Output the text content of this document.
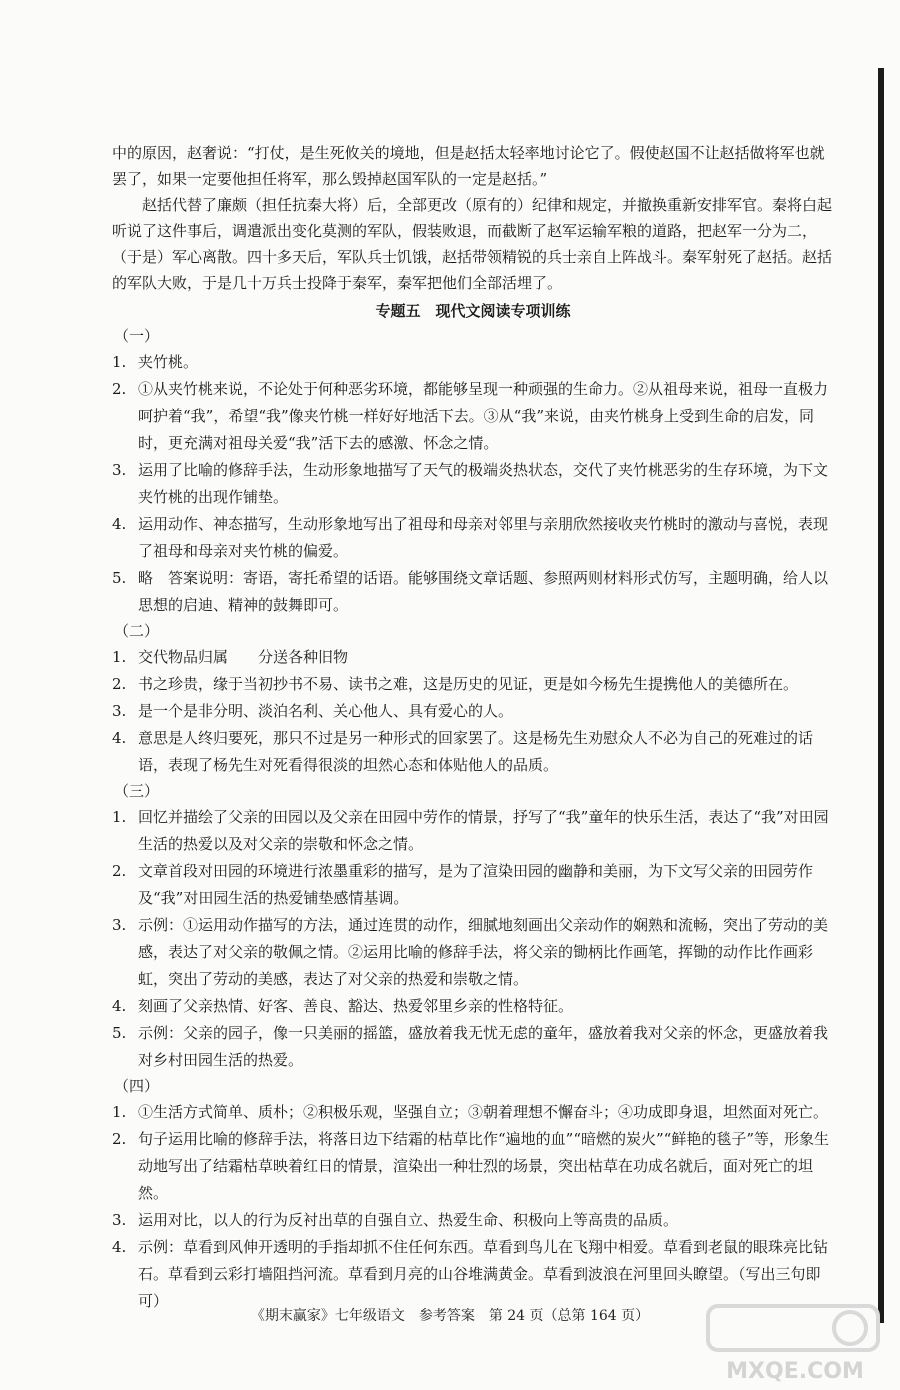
中的原因，赵奢说：“打仗，是生死攸关的境地，但是赵括太轻率地讨论它了。假使赵国不让赵括做将军也就罢了，如果一定要他担任将军，那么毁掉赵国军队的一定是赵括。”

赵括代替了廉颇（担任抗秦大将）后，全部更改（原有的）纪律和规定，并撤换重新安排军官。秦将白起听说了这件事后，调遣派出变化莫测的军队，假装败退，而截断了赵军运输军粮的道路，把赵军一分为二，（于是）军心离散。四十多天后，军队兵士饥饿，赵括带领精锐的兵士亲自上阵战斗。秦军射死了赵括。赵括的军队大败，于是几十万兵士投降于秦军，秦军把他们全部活埋了。

专题五　现代文阅读专项训练
（一）
1. 夹竹桃。
2. ①从夹竹桃来说，不论处于何种恶劣环境，都能够呈现一种顽强的生命力。②从祖母来说，祖母一直极力呵护着“我”，希望“我”像夹竹桃一样好好地活下去。③从“我”来说，由夹竹桃身上受到生命的启发，同时，更充满对祖母关爱“我”活下去的感激、怀念之情。
3. 运用了比喻的修辞手法，生动形象地描写了天气的极端炎热状态，交代了夹竹桃恶劣的生存环境，为下文夹竹桃的出现作铺垫。
4. 运用动作、神态描写，生动形象地写出了祖母和母亲对邻里与亲朋欣然接收夹竹桃时的激动与喜悦，表现了祖母和母亲对夹竹桃的偏爱。
5. 略　答案说明：寄语，寄托希望的话语。能够围绕文章话题、参照两则材料形式仿写，主题明确，给人以思想的启迪、精神的鼓舞即可。
（二）
1. 交代物品归属　　分送各种旧物
2. 书之珍贵，缘于当初抄书不易、读书之难，这是历史的见证，更是如今杨先生提携他人的美德所在。
3. 是一个是非分明、淡泊名利、关心他人、具有爱心的人。
4. 意思是人终归要死，那只不过是另一种形式的回家罢了。这是杨先生劝慰众人不必为自己的死难过的话语，表现了杨先生对死看得很淡的坦然心态和体贴他人的品质。
（三）
1. 回忆并描绘了父亲的田园以及父亲在田园中劳作的情景，抒写了“我”童年的快乐生活，表达了“我”对田园生活的热爱以及对父亲的崇敬和怀念之情。
2. 文章首段对田园的环境进行浓墨重彩的描写，是为了渲染田园的幽静和美丽，为下文写父亲的田园劳作及“我”对田园生活的热爱铺垫感情基调。
3. 示例：①运用动作描写的方法，通过连贯的动作，细腻地刻画出父亲动作的娴熟和流畅，突出了劳动的美感，表达了对父亲的敬佩之情。②运用比喻的修辞手法，将父亲的锄柄比作画笔，挥锄的动作比作画彩虹，突出了劳动的美感，表达了对父亲的热爱和崇敬之情。
4. 刻画了父亲热情、好客、善良、豁达、热爱邻里乡亲的性格特征。
5. 示例：父亲的园子，像一只美丽的摇篮，盛放着我无忧无虑的童年，盛放着我对父亲的怀念，更盛放着我对乡村田园生活的热爱。
（四）
1. ①生活方式简单、质朴；②积极乐观，坚强自立；③朝着理想不懈奋斗；④功成即身退，坦然面对死亡。
2. 句子运用比喻的修辞手法，将落日边下结霜的枯草比作“遍地的血”“暗燃的炭火”“鲜艳的毯子”等，形象生动地写出了结霜枯草映着红日的情景，渲染出一种壮烈的场景，突出枯草在功成名就后，面对死亡的坦然。
3. 运用对比，以人的行为反衬出草的自强自立、热爱生命、积极向上等高贵的品质。
4. 示例：草看到风伸开透明的手指却抓不住任何东西。草看到鸟儿在飞翔中相爱。草看到老鼠的眼珠亮比钻石。草看到云彩打墙阻挡河流。草看到月亮的山谷堆满黄金。草看到波浪在河里回头瞭望。（写出三句即可）
《期末赢家》七年级语文　参考答案　第 24 页（总第 164 页）
MXQE.COM
